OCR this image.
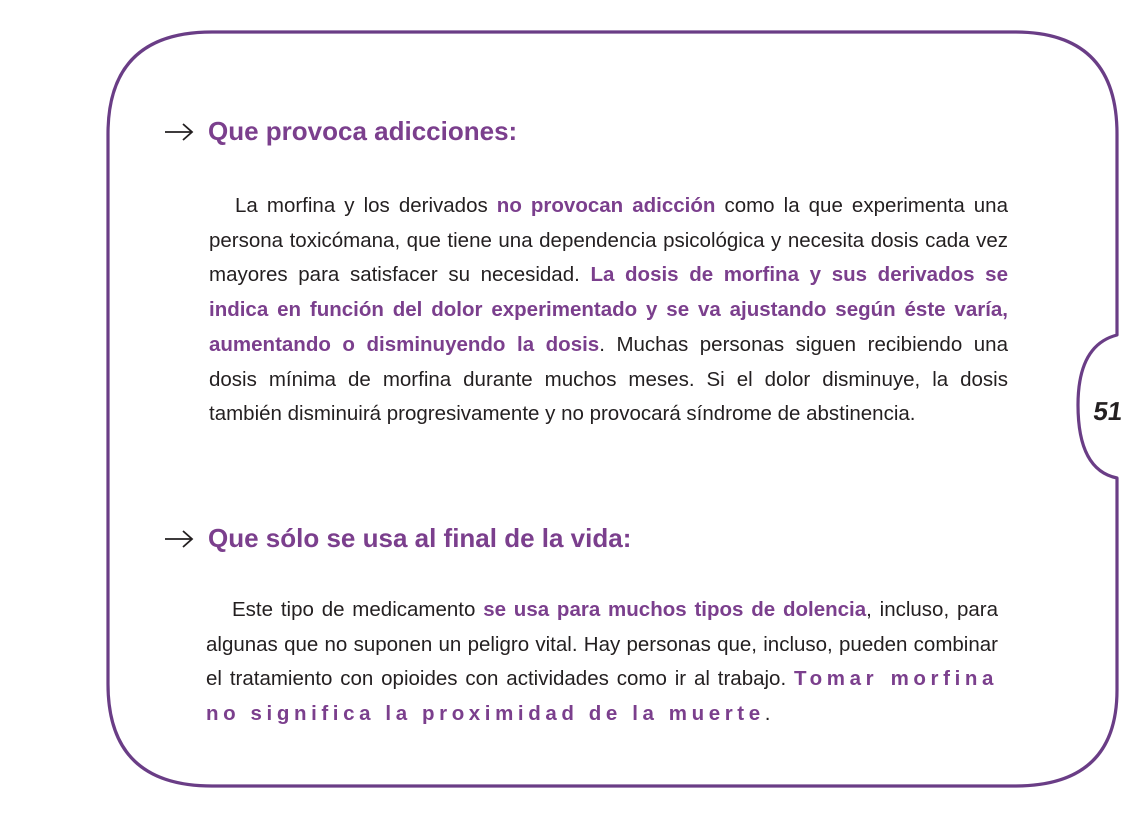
Que provoca adicciones:
La morfina y los derivados no provocan adicción como la que experimenta una persona toxicómana, que tiene una dependencia psicológica y necesita dosis cada vez mayores para satisfacer su necesidad. La dosis de morfina y sus derivados se indica en función del dolor experimentado y se va ajustando según éste varía, aumentando o disminuyendo la dosis. Muchas personas siguen recibiendo una dosis mínima de morfina durante muchos meses. Si el dolor disminuye, la dosis también disminuirá progresivamente y no provocará síndrome de abstinencia.
Que sólo se usa al final de la vida:
Este tipo de medicamento se usa para muchos tipos de dolencia, incluso, para algunas que no suponen un peligro vital. Hay personas que, incluso, pueden combinar el tratamiento con opioides con actividades como ir al trabajo. Tomar morfina no significa la proximidad de la muerte.
51
